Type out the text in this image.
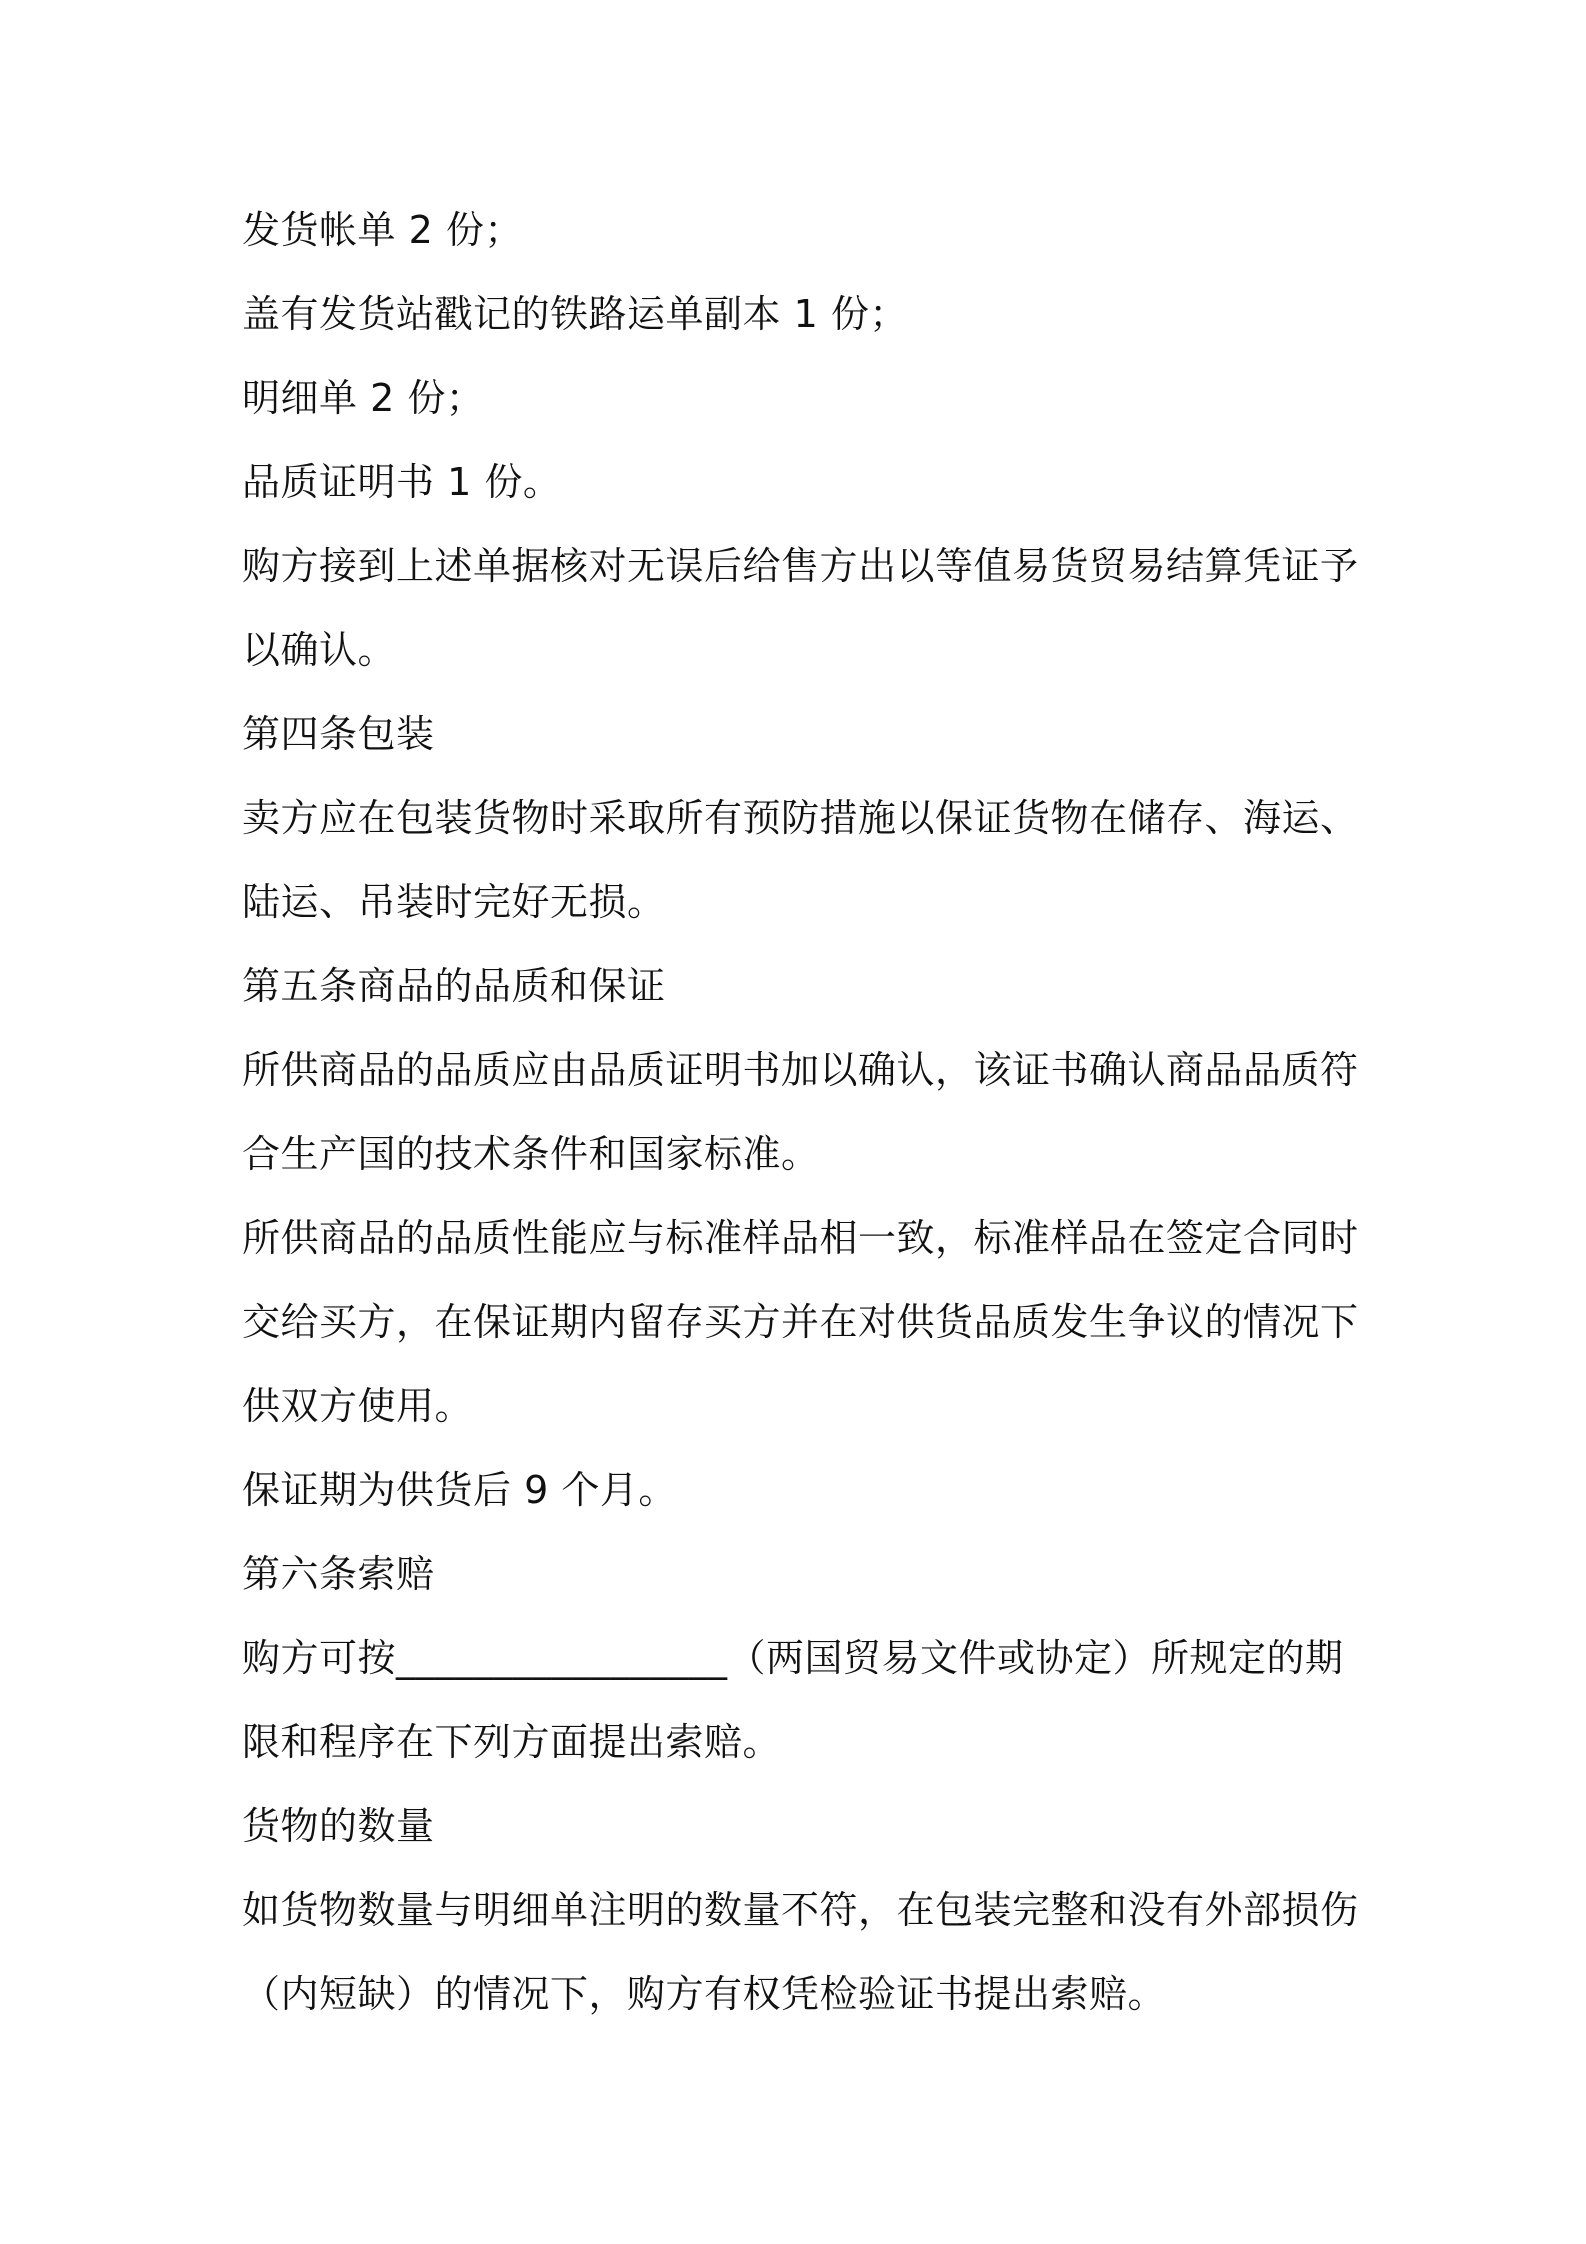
发货帐单 2 份；

盖有发货站戳记的铁路运单副本 1 份；

明细单 2 份；

品质证明书 1 份。

购方接到上述单据核对无误后给售方出以等值易货贸易结算凭证予以确认。

第四条包装

卖方应在包装货物时采取所有预防措施以保证货物在储存、海运、陆运、吊装时完好无损。

第五条商品的品质和保证

所供商品的品质应由品质证明书加以确认，该证书确认商品品质符合生产国的技术条件和国家标准。

所供商品的品质性能应与标准样品相一致，标准样品在签定合同时交给买方，在保证期内留存买方并在对供货品质发生争议的情况下供双方使用。

保证期为供货后 9 个月。

第六条索赔

购方可按_________________（两国贸易文件或协定）所规定的期限和程序在下列方面提出索赔。

货物的数量

如货物数量与明细单注明的数量不符，在包装完整和没有外部损伤（内短缺）的情况下，购方有权凭检验证书提出索赔。
